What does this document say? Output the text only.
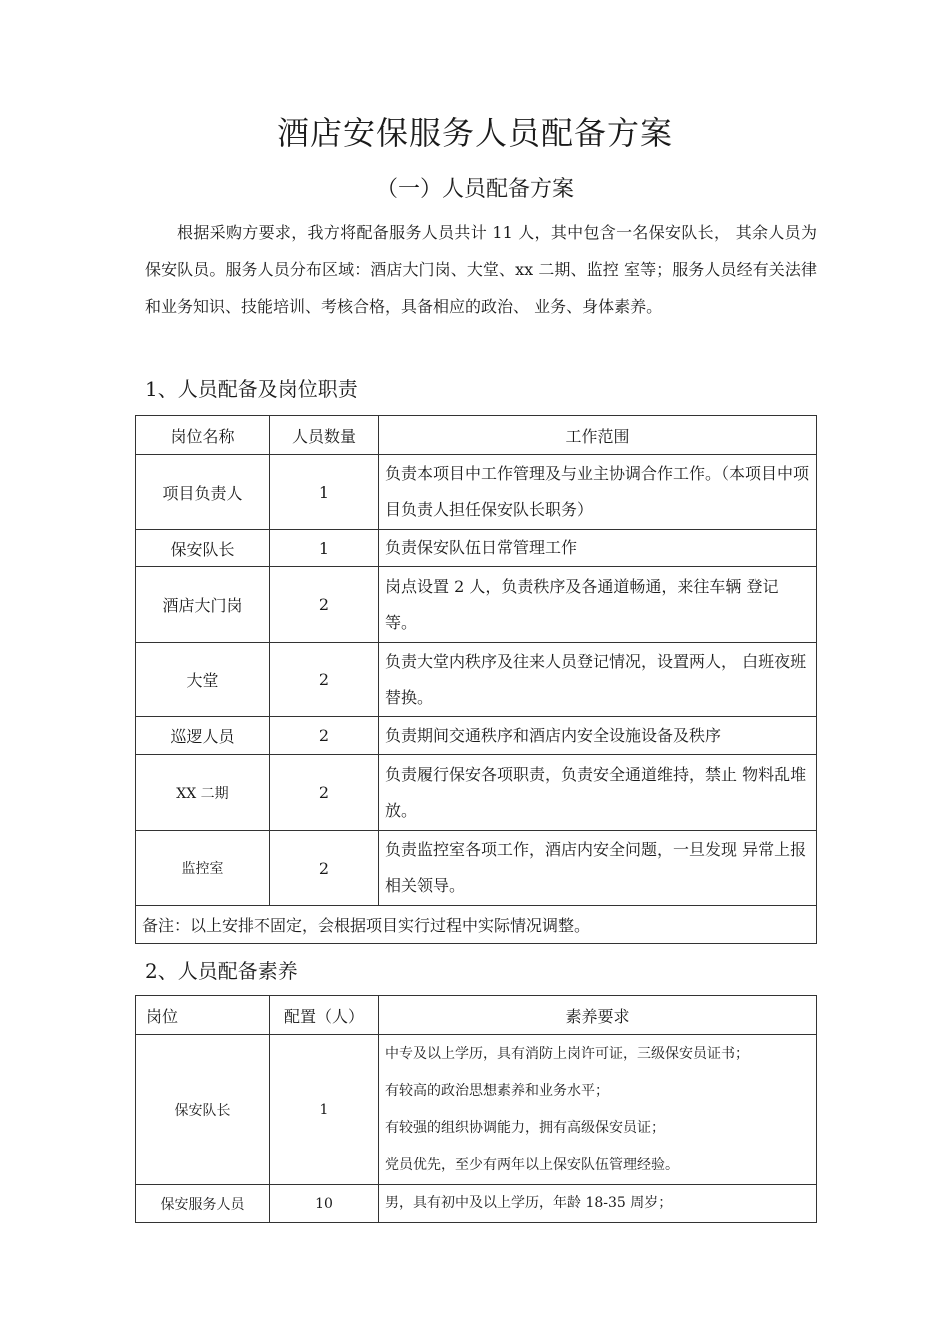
酒店安保服务人员配备方案
（一）人员配备方案

根据采购方要求，我方将配备服务人员共计 11 人，其中包含一名保安队长， 其余人员为保安队员。服务人员分布区域：酒店大门岗、大堂、xx 二期、监控 室等；服务人员经有关法律和业务知识、技能培训、考核合格，具备相应的政治、 业务、身体素养。

1、人员配备及岗位职责
岗位名称	人员数量	工作范围
项目负责人	1	负责本项目中工作管理及与业主协调合作工作。（本项目中项目负责人担任保安队长职务）
保安队长	1	负责保安队伍日常管理工作
酒店大门岗	2	岗点设置 2 人，负责秩序及各通道畅通，来往车辆 登记等。
大堂	2	负责大堂内秩序及往来人员登记情况，设置两人， 白班夜班替换。
巡逻人员	2	负责期间交通秩序和酒店内安全设施设备及秩序
XX 二期	2	负责履行保安各项职责，负责安全通道维持，禁止 物料乱堆放。
监控室	2	负责监控室各项工作，酒店内安全问题，一旦发现 异常上报相关领导。
备注：以上安排不固定，会根据项目实行过程中实际情况调整。		
2、人员配备素养
岗位	配置（人）	素养要求
保安队长	1	中专及以上学历，具有消防上岗许可证，三级保安员证书；
有较高的政治思想素养和业务水平；
有较强的组织协调能力，拥有高级保安员证；
党员优先，至少有两年以上保安队伍管理经验。

保安服务人员	10	男，具有初中及以上学历，年龄 18-35 周岁；
